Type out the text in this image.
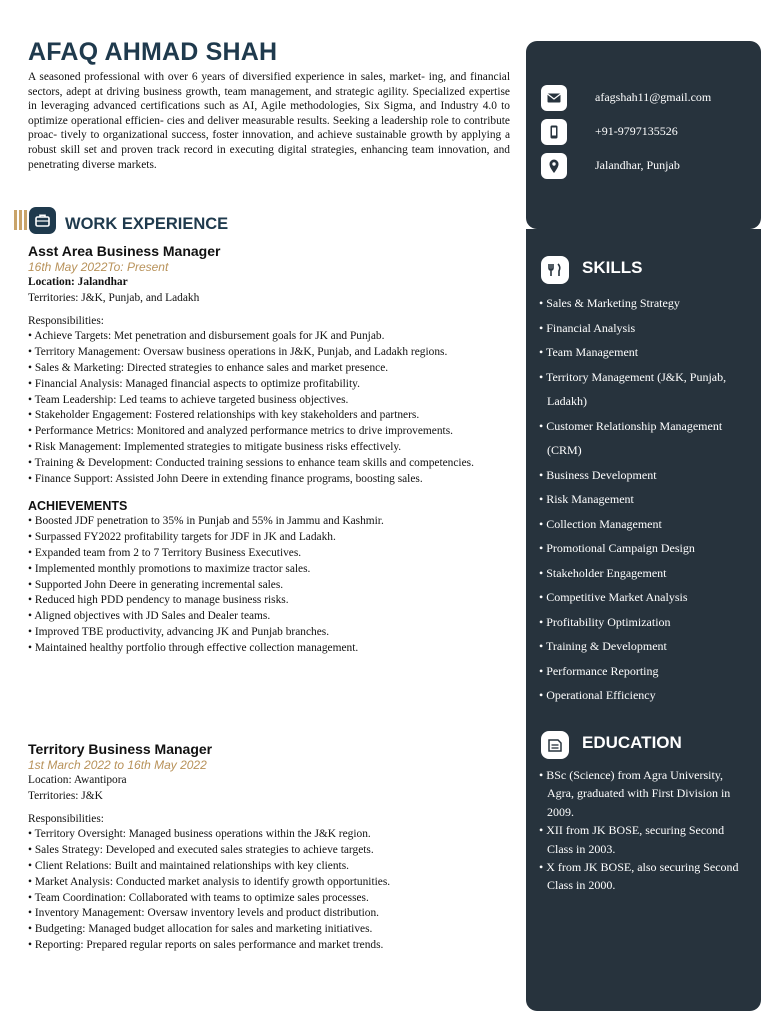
AFAQ AHMAD SHAH

A seasoned professional with over 6 years of diversified experience in sales, market- ing, and financial sectors, adept at driving business growth, team management, and strategic agility. Specialized expertise in leveraging advanced certifications such as AI, Agile methodologies, Six Sigma, and Industry 4.0 to optimize operational efficien- cies and deliver measurable results. Seeking a leadership role to contribute proac- tively to organizational success, foster innovation, and achieve sustainable growth by applying a robust skill set and proven track record in executing digital strategies, enhancing team innovation, and penetrating diverse markets.

WORK EXPERIENCE
Asst Area Business Manager
16th May 2022To: Present
Location: Jalandhar
Territories: J&K, Punjab, and Ladakh
Responsibilities:
• Achieve Targets: Met penetration and disbursement goals for JK and Punjab.
• Territory Management: Oversaw business operations in J&K, Punjab, and Ladakh regions.
• Sales & Marketing: Directed strategies to enhance sales and market presence.
• Financial Analysis: Managed financial aspects to optimize profitability.
• Team Leadership: Led teams to achieve targeted business objectives.
• Stakeholder Engagement: Fostered relationships with key stakeholders and partners.
• Performance Metrics: Monitored and analyzed performance metrics to drive improvements.
• Risk Management: Implemented strategies to mitigate business risks effectively.
• Training & Development: Conducted training sessions to enhance team skills and competencies.
• Finance Support: Assisted John Deere in extending finance programs, boosting sales.
ACHIEVEMENTS
• Boosted JDF penetration to 35% in Punjab and 55% in Jammu and Kashmir.
• Surpassed FY2022 profitability targets for JDF in JK and Ladakh.
• Expanded team from 2 to 7 Territory Business Executives.
• Implemented monthly promotions to maximize tractor sales.
• Supported John Deere in generating incremental sales.
• Reduced high PDD pendency to manage business risks.
• Aligned objectives with JD Sales and Dealer teams.
• Improved TBE productivity, advancing JK and Punjab branches.
• Maintained healthy portfolio through effective collection management.
Territory Business Manager
1st March 2022 to 16th May 2022
Location: Awantipora
Territories: J&K
Responsibilities:
• Territory Oversight: Managed business operations within the J&K region.
• Sales Strategy: Developed and executed sales strategies to achieve targets.
• Client Relations: Built and maintained relationships with key clients.
• Market Analysis: Conducted market analysis to identify growth opportunities.
• Team Coordination: Collaborated with teams to optimize sales processes.
• Inventory Management: Oversaw inventory levels and product distribution.
• Budgeting: Managed budget allocation for sales and marketing initiatives.
• Reporting: Prepared regular reports on sales performance and market trends.
afagshah11@gmail.com
+91-9797135526
Jalandhar, Punjab
SKILLS
• Sales & Marketing Strategy
• Financial Analysis
• Team Management
• Territory Management (J&K, Punjab, Ladakh)
• Customer Relationship Management (CRM)
• Business Development
• Risk Management
• Collection Management
• Promotional Campaign Design
• Stakeholder Engagement
• Competitive Market Analysis
• Profitability Optimization
• Training & Development
• Performance Reporting
• Operational Efficiency
EDUCATION
• BSc (Science) from Agra University, Agra, graduated with First Division in 2009.
• XII from JK BOSE, securing Second Class in 2003.
• X from JK BOSE, also securing Second Class in 2000.
